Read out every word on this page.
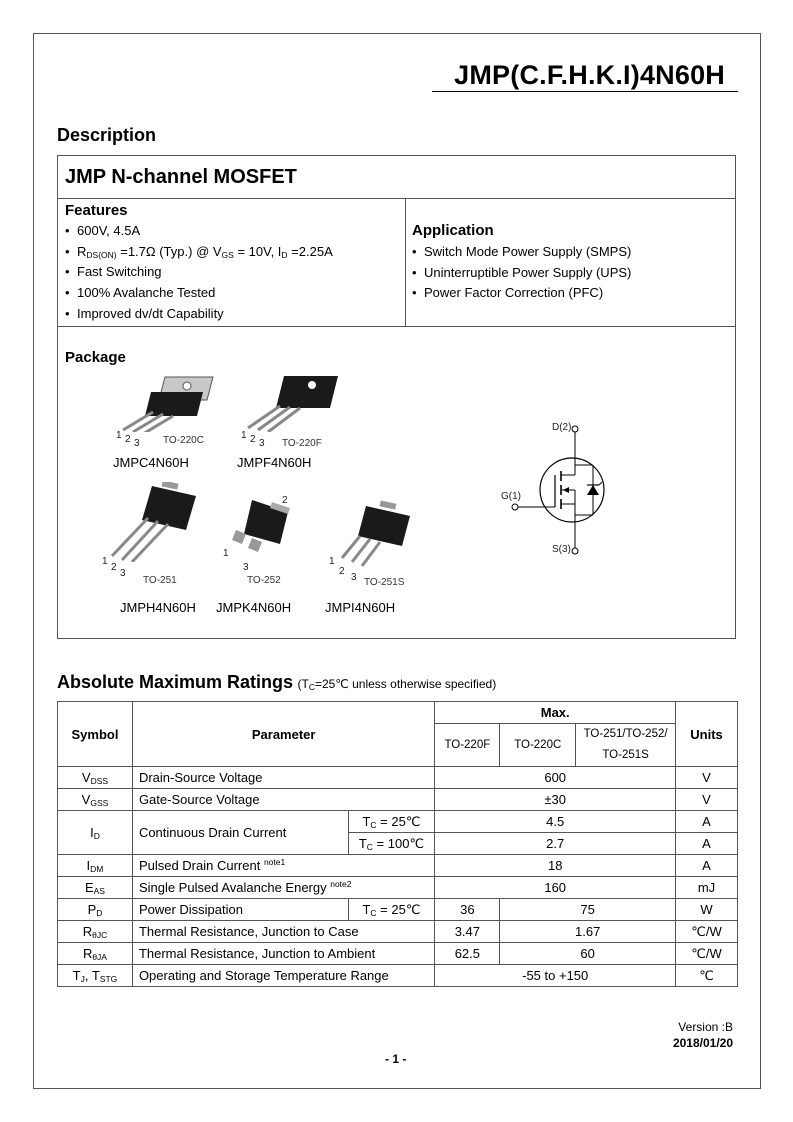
JMP(C.F.H.K.I)4N60H
Description
JMP N-channel MOSFET
Features
• 600V, 4.5A
• $R_{DS(ON)} =1.7\Omega$ (Typ.) @ $V_{GS} = 10V$, $I_D =2.25A$
• Fast Switching
• 100% Avalanche Tested
• Improved dv/dt Capability
Application
• Switch Mode Power Supply (SMPS)
• Uninterruptible Power Supply (UPS)
• Power Factor Correction (PFC)
Package
1 2 3 TO-220C
JMPC4N60H
1 2 3 TO-220F
JMPF4N60H
1
2
3
TO-251
JMPH4N60H
2
1
3
TO-252
JMPK4N60H
1
2
3 TO-251S
JMPI4N60H
D(2)
G(1)
S(3)
Absolute Maximum Ratings ($T_C=25℃$ unless otherwise specified)
Symbol	Parameter		Max.			Units
			TO-220F	TO-220C	TO-251/TO-252/
TO-251S	
$V_{DSS}$	Drain-Source Voltage		600			V
$V_{GSS}$	Gate-Source Voltage		±30			V
$I_D$	Continuous Drain Current	$T_C$ = 25℃	4.5			A
		$T_C$ = 100℃	2.7			A
$I_{DM}$	Pulsed Drain Current $^{note1}$		18			A
$E_{AS}$	Single Pulsed Avalanche Energy $^{note2}$		160			mJ
$P_D$	Power Dissipation	$T_C$ = 25℃	36	75		W
$R_{\theta JC}$	Thermal Resistance, Junction to Case		3.47	1.67		℃/W
$R_{\theta JA}$	Thermal Resistance, Junction to Ambient		62.5	60		℃/W
$T_J$, $T_{STG}$	Operating and Storage Temperature Range		-55 to +150			℃
Version :B
2018/01/20
- 1 -
